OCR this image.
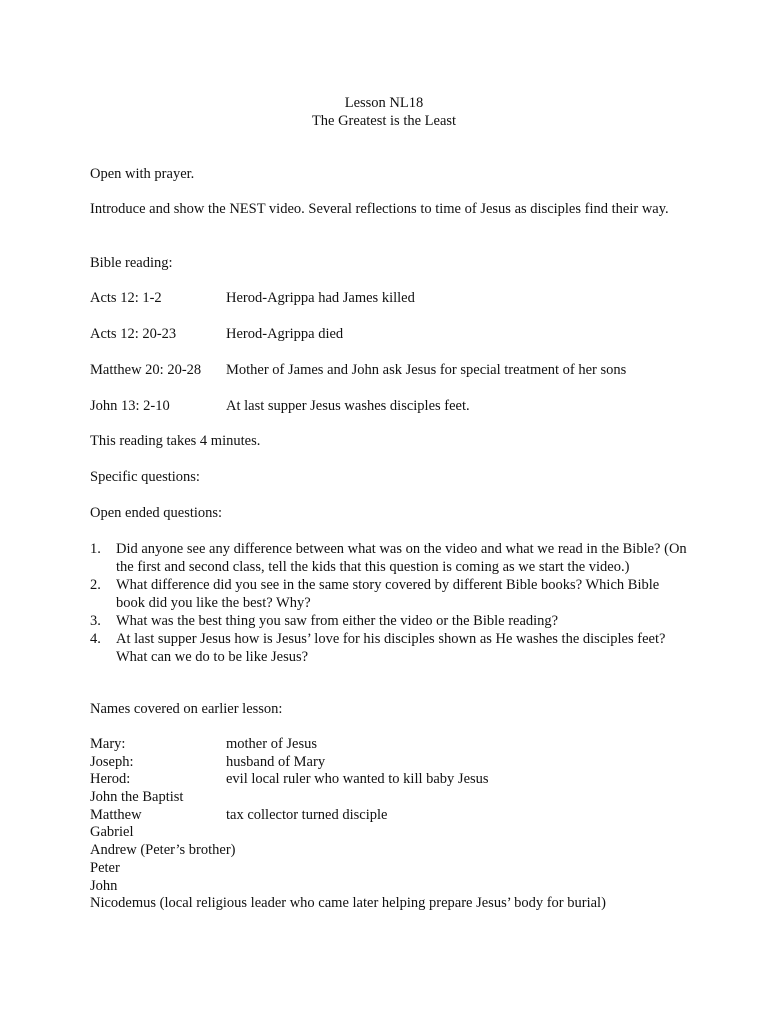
Lesson NL18
The Greatest is the Least
Open with prayer.
Introduce and show the NEST video. Several reflections to time of Jesus as disciples find their way.
Bible reading:
Acts 12: 1-2	Herod-Agrippa had James killed
Acts 12: 20-23	Herod-Agrippa died
Matthew 20: 20-28 Mother of James and John ask Jesus for special treatment of her sons
John 13: 2-10	At last supper Jesus washes disciples feet.
This reading takes 4 minutes.
Specific questions:
Open ended questions:
1. Did anyone see any difference between what was on the video and what we read in the Bible? (On the first and second class, tell the kids that this question is coming as we start the video.)
2. What difference did you see in the same story covered by different Bible books? Which Bible book did you like the best? Why?
3. What was the best thing you saw from either the video or the Bible reading?
4. At last supper Jesus how is Jesus’ love for his disciples shown as He washes the disciples feet? What can we do to be like Jesus?
Names covered on earlier lesson:
Mary:	mother of Jesus
Joseph:	husband of Mary
Herod:	evil local ruler who wanted to kill baby Jesus
John the Baptist
Matthew	tax collector turned disciple
Gabriel
Andrew (Peter’s brother)
Peter
John
Nicodemus (local religious leader who came later helping prepare Jesus’ body for burial)
